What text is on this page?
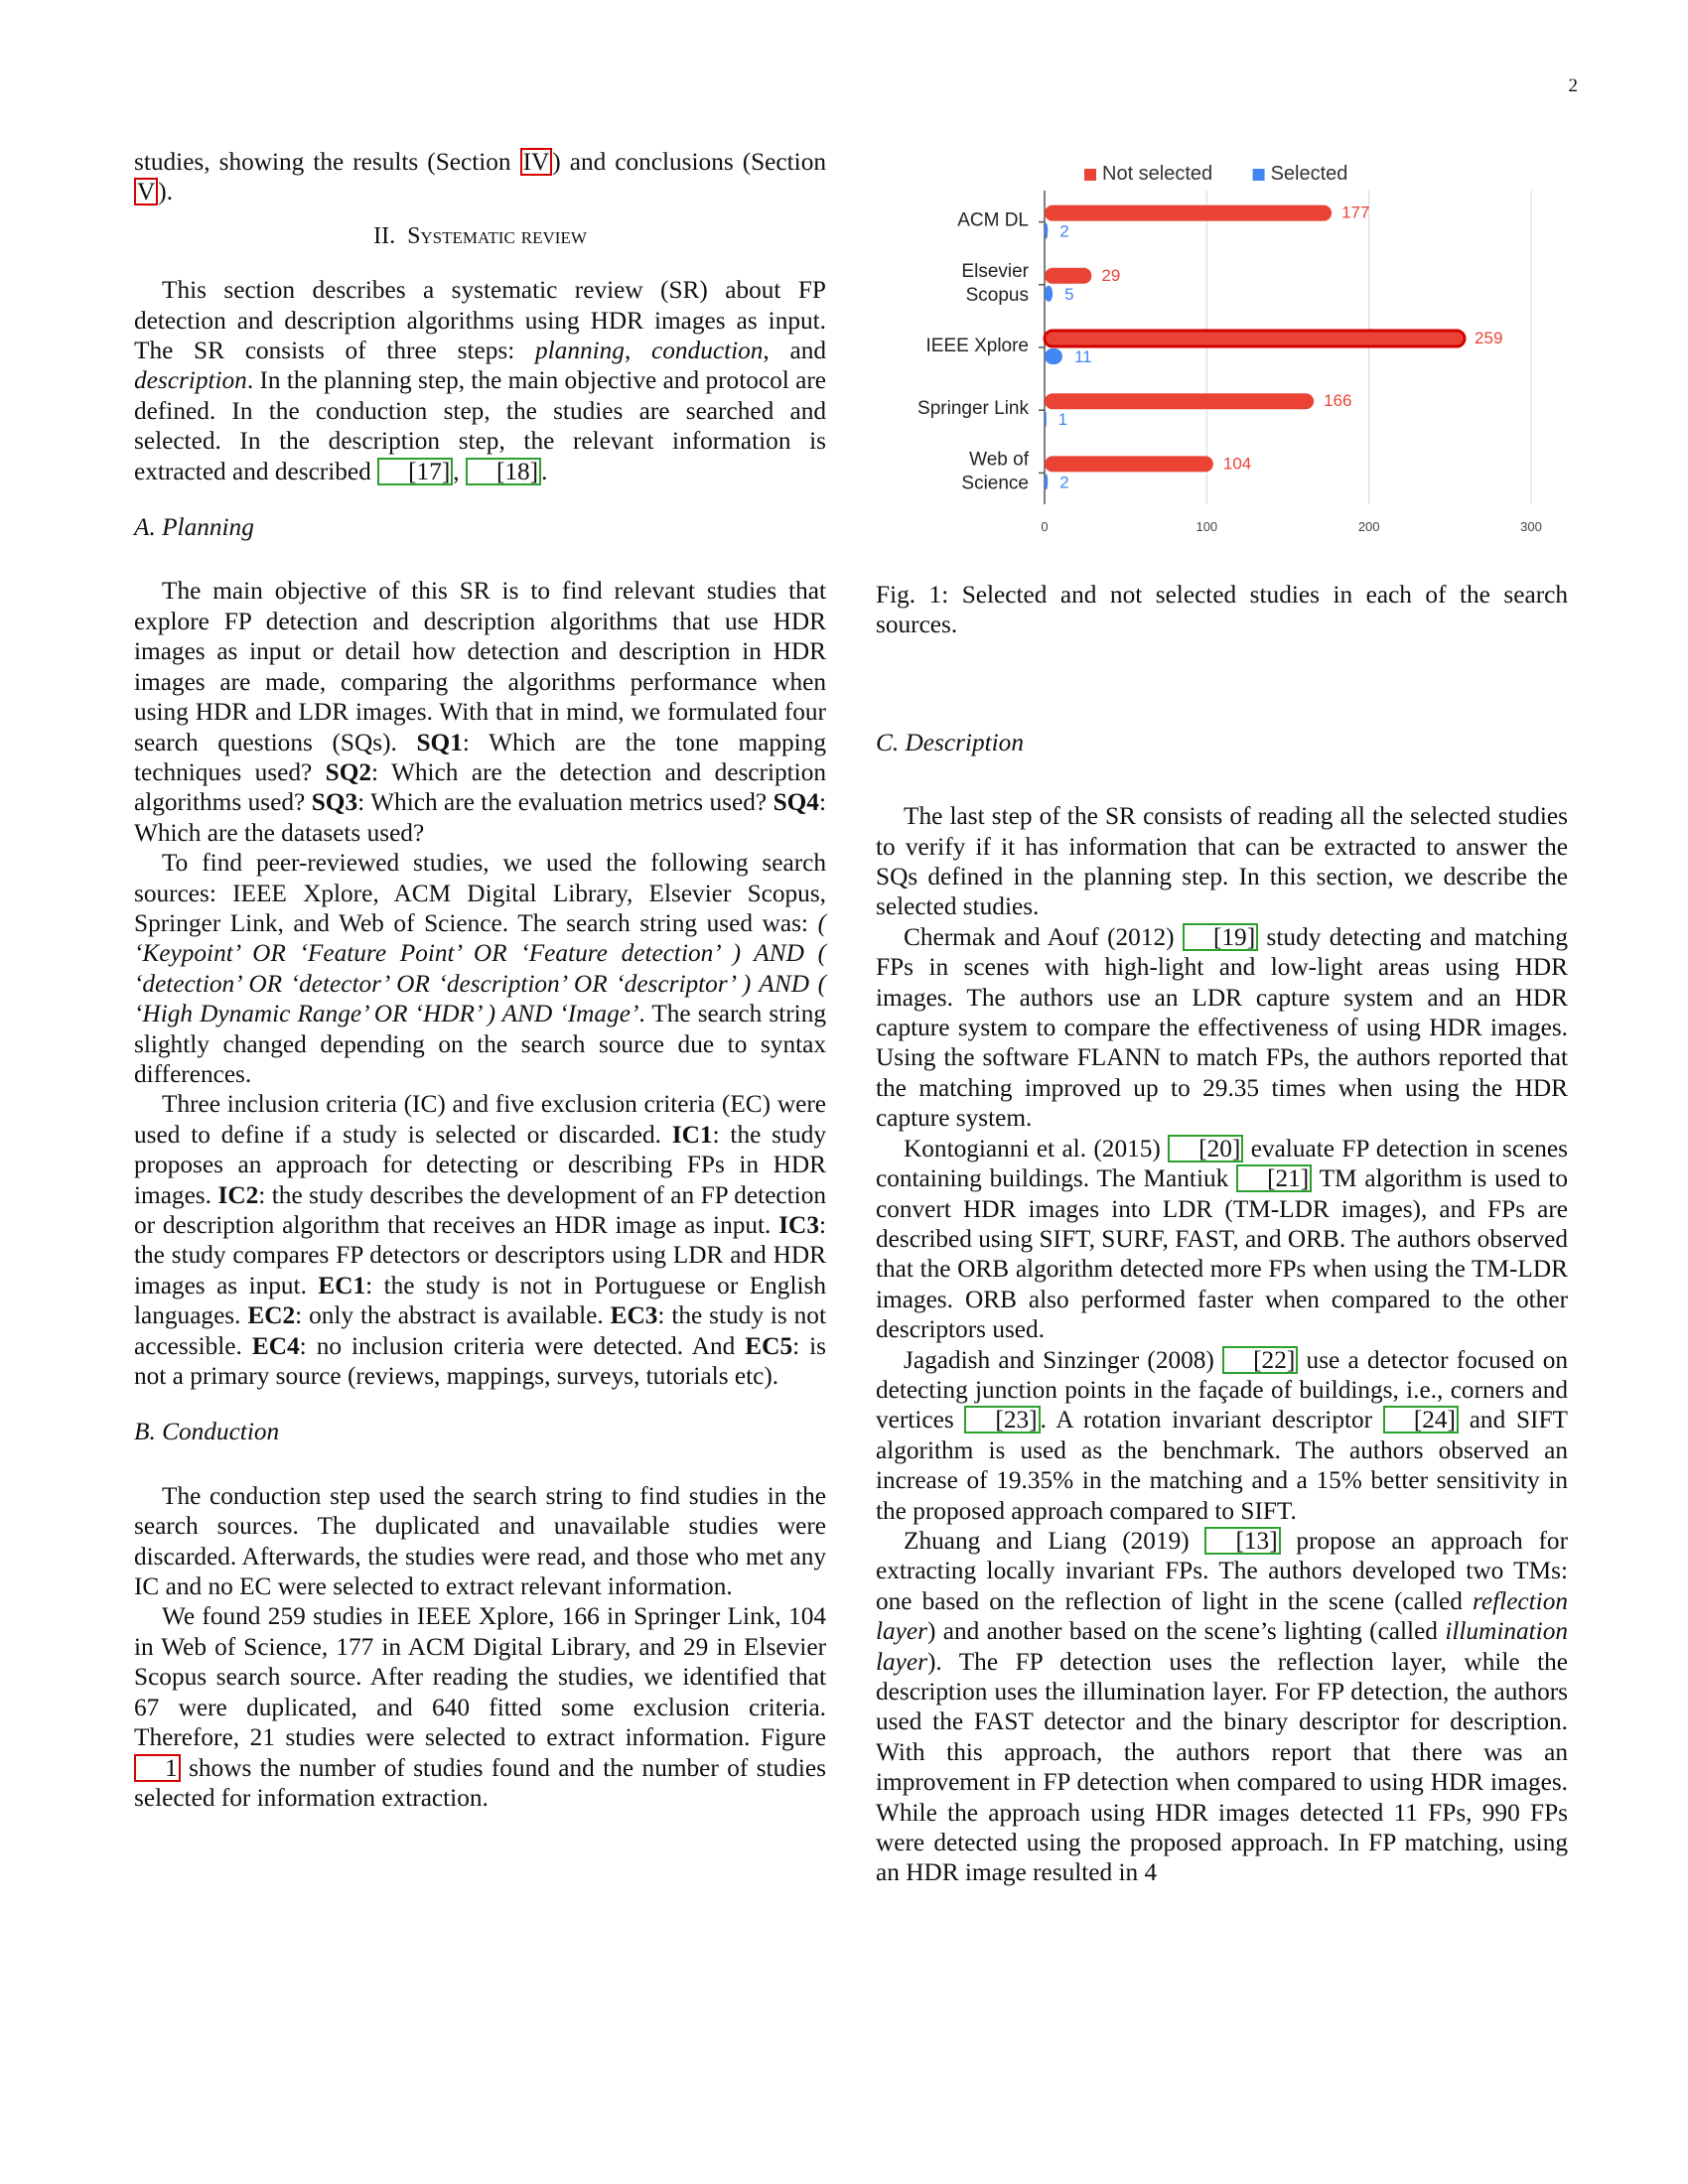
2

studies, showing the results (Section IV ) and conclusions (Section V ).

II. Systematic review

This section describes a systematic review (SR) about FP detection and description algorithms using HDR images as input. The SR consists of three steps: planning, conduction, and description. In the planning step, the main objective and protocol are defined. In the conduction step, the studies are searched and selected. In the description step, the relevant information is extracted and described [17] , [18] .

A. Planning

The main objective of this SR is to find relevant studies that explore FP detection and description algorithms that use HDR images as input or detail how detection and description in HDR images are made, comparing the algorithms performance when using HDR and LDR images. With that in mind, we formulated four search questions (SQs). SQ1: Which are the tone mapping techniques used? SQ2: Which are the detection and description algorithms used? SQ3: Which are the evaluation metrics used? SQ4: Which are the datasets used?

To find peer-reviewed studies, we used the following search sources: IEEE Xplore, ACM Digital Library, Elsevier Scopus, Springer Link, and Web of Science. The search string used was: ( ‘Keypoint’ OR ‘Feature Point’ OR ‘Feature detection’ ) AND ( ‘detection’ OR ‘detector’ OR ‘description’ OR ‘descriptor’ ) AND ( ‘High Dynamic Range’ OR ‘HDR’ ) AND ‘Image’. The search string slightly changed depending on the search source due to syntax differences.

Three inclusion criteria (IC) and five exclusion criteria (EC) were used to define if a study is selected or discarded. IC1: the study proposes an approach for detecting or describing FPs in HDR images. IC2: the study describes the development of an FP detection or description algorithm that receives an HDR image as input. IC3: the study compares FP detectors or descriptors using LDR and HDR images as input. EC1: the study is not in Portuguese or English languages. EC2: only the abstract is available. EC3: the study is not accessible. EC4: no inclusion criteria were detected. And EC5: is not a primary source (reviews, mappings, surveys, tutorials etc).

B. Conduction

The conduction step used the search string to find studies in the search sources. The duplicated and unavailable studies were discarded. Afterwards, the studies were read, and those who met any IC and no EC were selected to extract relevant information.

We found 259 studies in IEEE Xplore, 166 in Springer Link, 104 in Web of Science, 177 in ACM Digital Library, and 29 in Elsevier Scopus search source. After reading the studies, we identified that 67 were duplicated, and 640 fitted some exclusion criteria. Therefore, 21 studies were selected to extract information. Figure 1 shows the number of studies found and the number of studies selected for information extraction.

0	100	200	300
Not selected	Selected
ACM DL	177
2
Elsevier
Scopus
29
5
IEEE Xplore	259
11
Springer Link	166
1
Web of
Science
104
2

Fig. 1: Selected and not selected studies in each of the search sources.

C. Description

The last step of the SR consists of reading all the selected studies to verify if it has information that can be extracted to answer the SQs defined in the planning step. In this section, we describe the selected studies.

Chermak and Aouf (2012) [19] study detecting and matching FPs in scenes with high-light and low-light areas using HDR images. The authors use an LDR capture system and an HDR capture system to compare the effectiveness of using HDR images. Using the software FLANN to match FPs, the authors reported that the matching improved up to 29.35 times when using the HDR capture system.

Kontogianni et al. (2015) [20] evaluate FP detection in scenes containing buildings. The Mantiuk [21] TM algorithm is used to convert HDR images into LDR (TM-LDR images), and FPs are described using SIFT, SURF, FAST, and ORB. The authors observed that the ORB algorithm detected more FPs when using the TM-LDR images. ORB also performed faster when compared to the other descriptors used.

Jagadish and Sinzinger (2008) [22] use a detector focused on detecting junction points in the façade of buildings, i.e., corners and vertices [23] . A rotation invariant descriptor [24] and SIFT algorithm is used as the benchmark. The authors observed an increase of 19.35% in the matching and a 15% better sensitivity in the proposed approach compared to SIFT.

Zhuang and Liang (2019) [13] propose an approach for extracting locally invariant FPs. The authors developed two TMs: one based on the reflection of light in the scene (called reflection layer) and another based on the scene’s lighting (called illumination layer). The FP detection uses the reflection layer, while the description uses the illumination layer. For FP detection, the authors used the FAST detector and the binary descriptor for description. With this approach, the authors report that there was an improvement in FP detection when compared to using HDR images. While the approach using HDR images detected 11 FPs, 990 FPs were detected using the proposed approach. In FP matching, using an HDR image resulted in 4
